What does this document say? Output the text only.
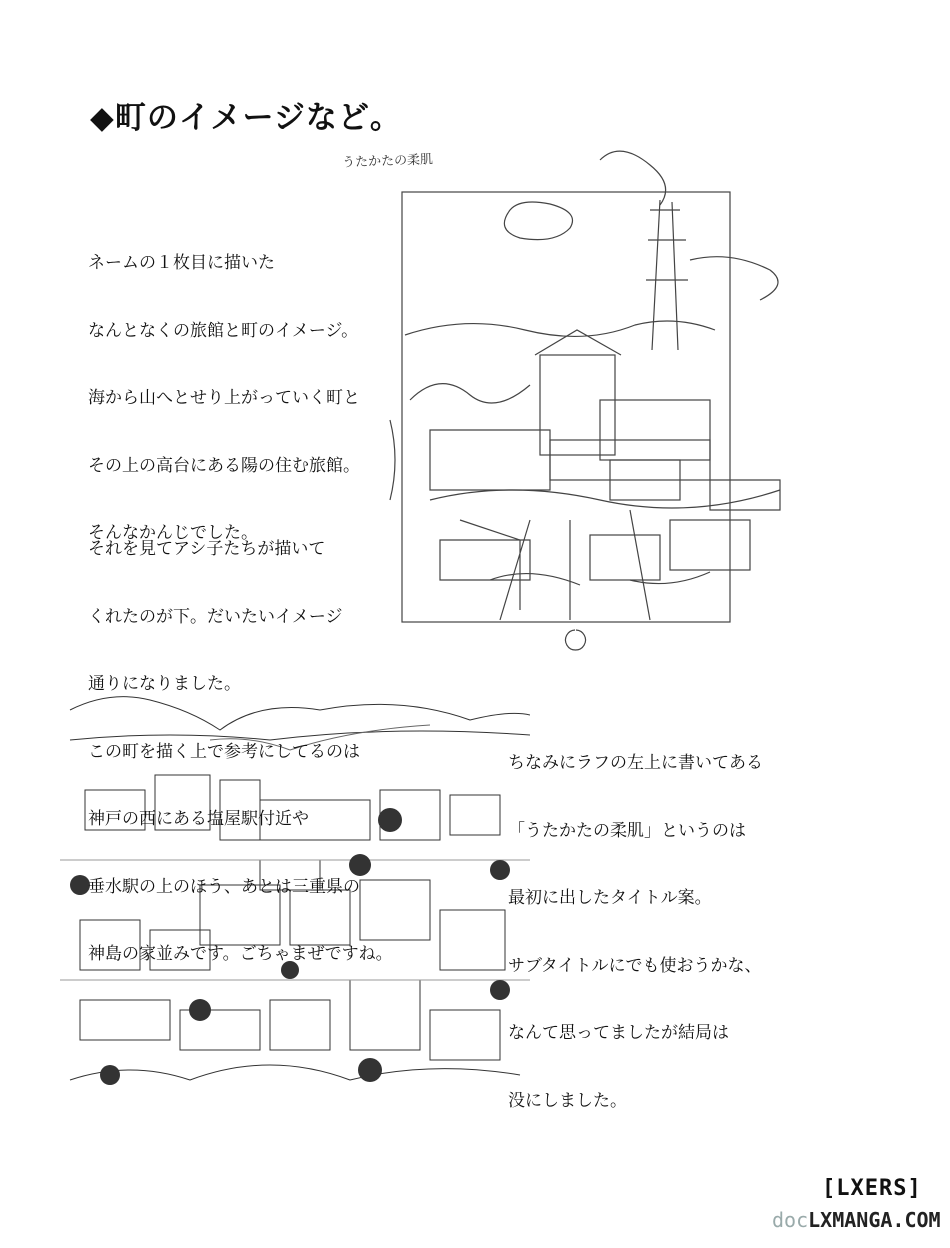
◆町のイメージなど。
うたかたの柔肌

ネームの１枚目に描いた

なんとなくの旅館と町のイメージ。

海から山へとせり上がっていく町と

その上の高台にある陽の住む旅館。

そんなかんじでした。

それを見てアシ子たちが描いて

くれたのが下。だいたいイメージ

通りになりました。

この町を描く上で参考にしてるのは

神戸の西にある塩屋駅付近や

垂水駅の上のほう、あとは三重県の

神島の家並みです。ごちゃまぜですね。

ちなみにラフの左上に書いてある

「うたかたの柔肌」というのは

最初に出したタイトル案。

サブタイトルにでも使おうかな、

なんて思ってましたが結局は

没にしました。

[LXERS]
docLXMANGA.COM
